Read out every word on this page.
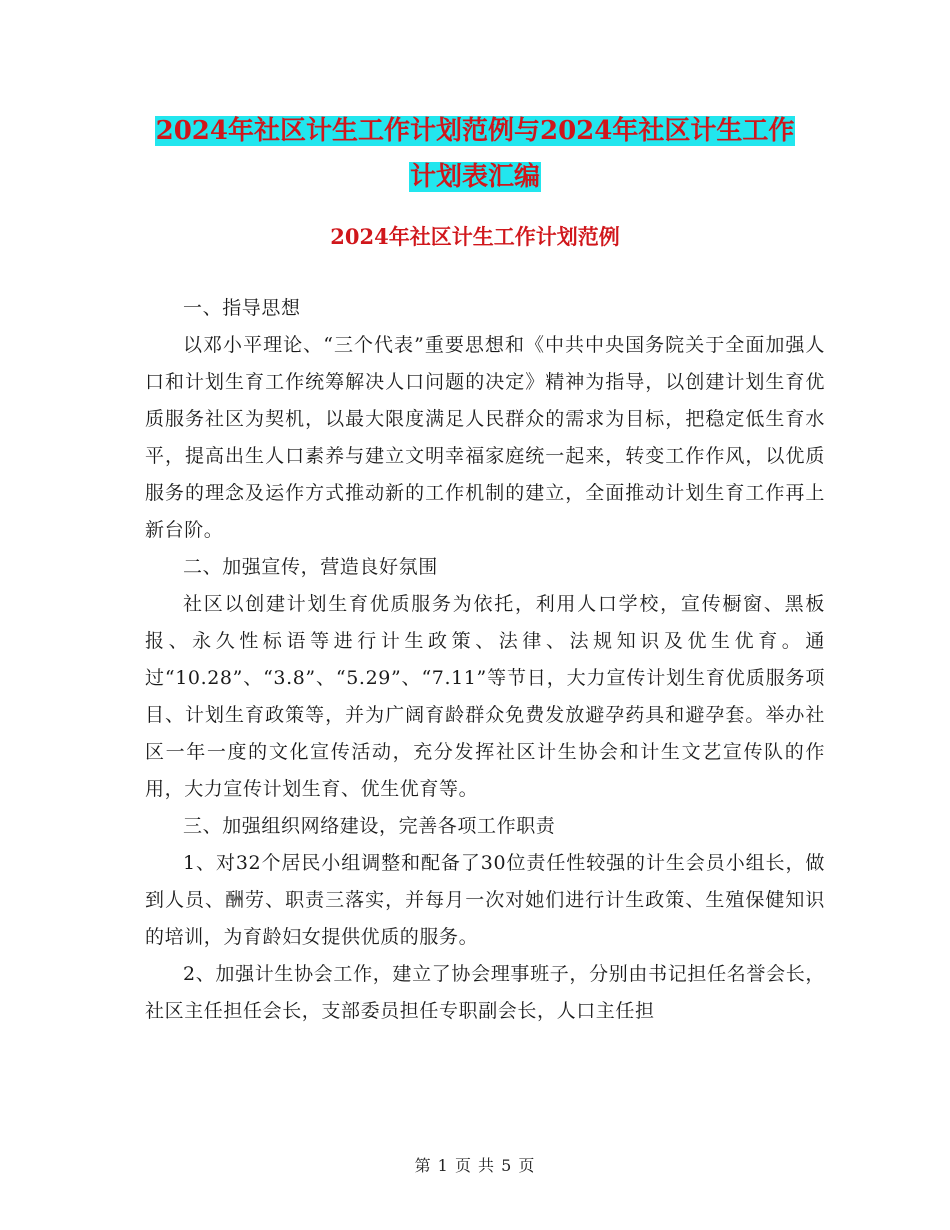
2024年社区计生工作计划范例与2024年社区计生工作
计划表汇编
2024年社区计生工作计划范例

一、指导思想

以邓小平理论、“三个代表”重要思想和《中共中央国务院关于全面加强人口和计划生育工作统筹解决人口问题的决定》精神为指导，以创建计划生育优质服务社区为契机，以最大限度满足人民群众的需求为目标，把稳定低生育水平，提高出生人口素养与建立文明幸福家庭统一起来，转变工作作风，以优质服务的理念及运作方式推动新的工作机制的建立，全面推动计划生育工作再上新台阶。

二、加强宣传，营造良好氛围

社区以创建计划生育优质服务为依托，利用人口学校，宣传橱窗、黑板报、永久性标语等进行计生政策、法律、法规知识及优生优育。通过“10.28”、“3.8”、“5.29”、“7.11”等节日，大力宣传计划生育优质服务项目、计划生育政策等，并为广阔育龄群众免费发放避孕药具和避孕套。举办社区一年一度的文化宣传活动，充分发挥社区计生协会和计生文艺宣传队的作用，大力宣传计划生育、优生优育等。

三、加强组织网络建设，完善各项工作职责

1、对32个居民小组调整和配备了30位责任性较强的计生会员小组长，做到人员、酬劳、职责三落实，并每月一次对她们进行计生政策、生殖保健知识的培训，为育龄妇女提供优质的服务。

2、加强计生协会工作，建立了协会理事班子，分别由书记担任名誉会长，社区主任担任会长，支部委员担任专职副会长，人口主任担

第 1 页 共 5 页
